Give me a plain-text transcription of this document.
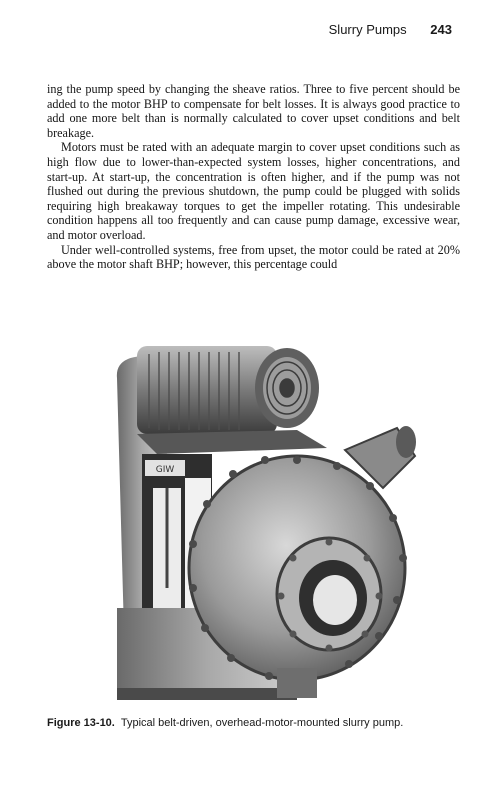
Slurry Pumps 243

ing the pump speed by changing the sheave ratios. Three to five percent should be added to the motor BHP to compensate for belt losses. It is always good practice to add one more belt than is normally calculated to cover upset conditions and belt breakage.

Motors must be rated with an adequate margin to cover upset conditions such as high flow due to lower-than-expected system losses, higher concentrations, and start-up. At start-up, the concentration is often higher, and if the pump was not flushed out during the previous shutdown, the pump could be plugged with solids requiring high breakaway torques to get the impeller rotating. This undesirable condition happens all too frequently and can cause pump damage, excessive wear, and motor overload.

Under well-controlled systems, free from upset, the motor could be rated at 20% above the motor shaft BHP; however, this percentage could

GIW
Figure 13-10. Typical belt-driven, overhead-motor-mounted slurry pump.
